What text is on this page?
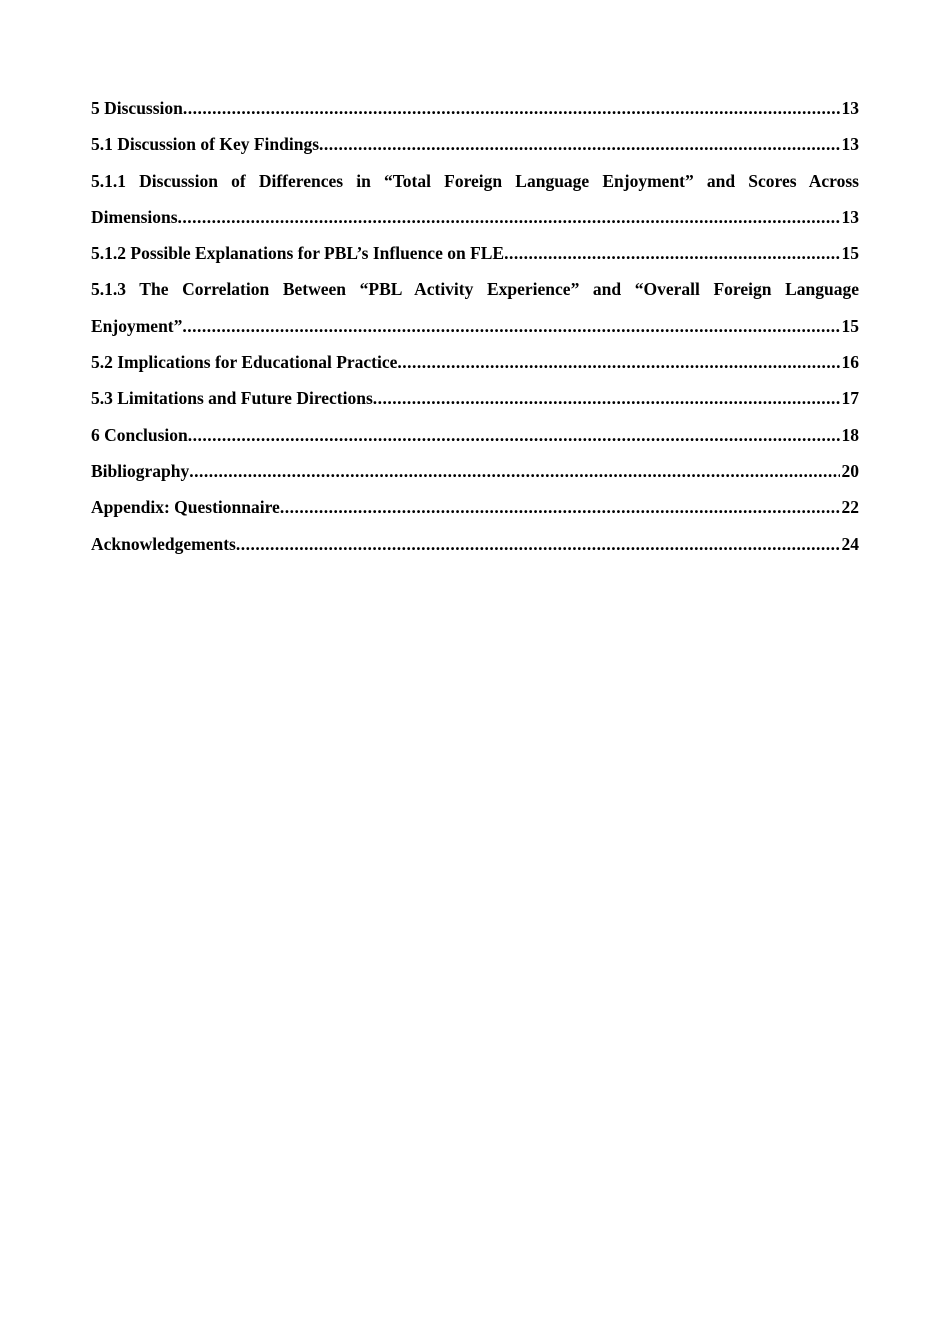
5 Discussion .....	13
5.1 Discussion of Key Findings .....	13
5.1.1 Discussion of Differences in “Total Foreign Language Enjoyment” and Scores Across
Dimensions .....	13
5.1.2 Possible Explanations for PBL’s Influence on FLE .....	15
5.1.3 The Correlation Between “PBL Activity Experience” and “Overall Foreign Language
Enjoyment” .....	15
5.2 Implications for Educational Practice .....	16
5.3 Limitations and Future Directions .....	17
6 Conclusion .....	18
Bibliography .....	20
Appendix: Questionnaire .....	22
Acknowledgements .....	24
